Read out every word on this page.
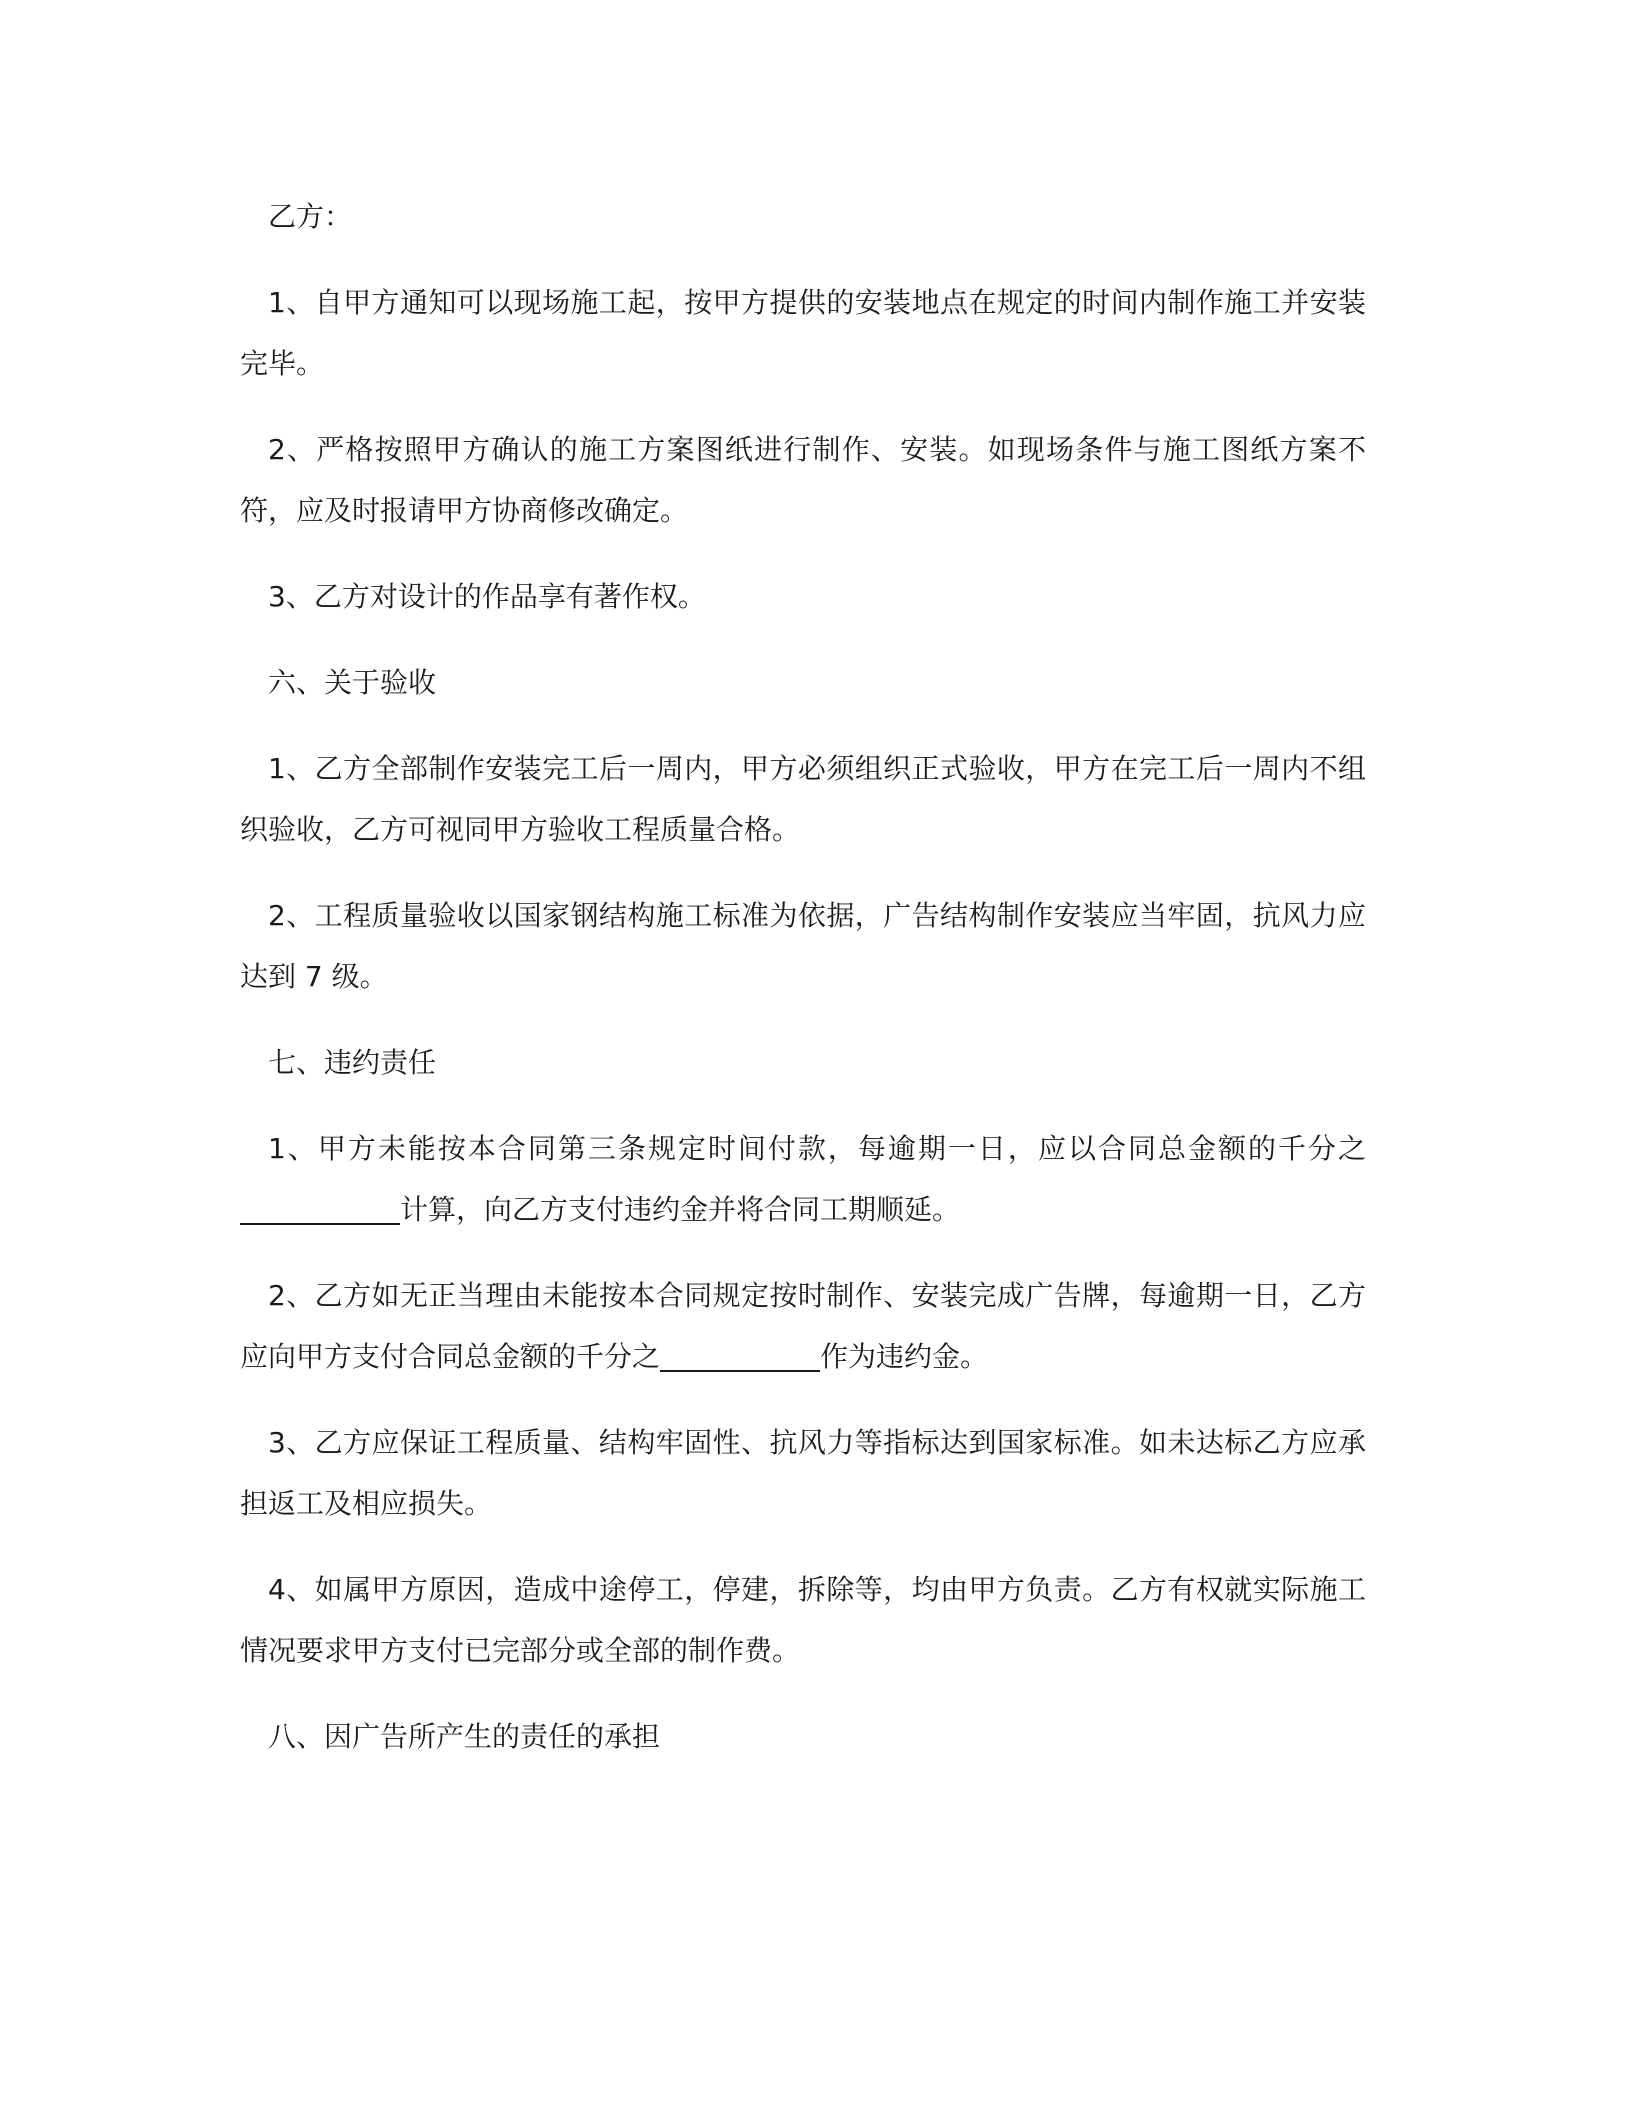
乙方：

1、自甲方通知可以现场施工起，按甲方提供的安装地点在规定的时间内制作施工并安装完毕。

2、严格按照甲方确认的施工方案图纸进行制作、安装。如现场条件与施工图纸方案不符，应及时报请甲方协商修改确定。

3、乙方对设计的作品享有著作权。

六、关于验收

1、乙方全部制作安装完工后一周内，甲方必须组织正式验收，甲方在完工后一周内不组织验收，乙方可视同甲方验收工程质量合格。

2、工程质量验收以国家钢结构施工标准为依据，广告结构制作安装应当牢固，抗风力应达到 7 级。

七、违约责任

1、甲方未能按本合同第三条规定时间付款，每逾期一日，应以合同总金额的千分之计算，向乙方支付违约金并将合同工期顺延。

2、乙方如无正当理由未能按本合同规定按时制作、安装完成广告牌，每逾期一日，乙方应向甲方支付合同总金额的千分之	作为违约金。

3、乙方应保证工程质量、结构牢固性、抗风力等指标达到国家标准。如未达标乙方应承担返工及相应损失。

4、如属甲方原因，造成中途停工，停建，拆除等，均由甲方负责。乙方有权就实际施工情况要求甲方支付已完部分或全部的制作费。

八、因广告所产生的责任的承担
